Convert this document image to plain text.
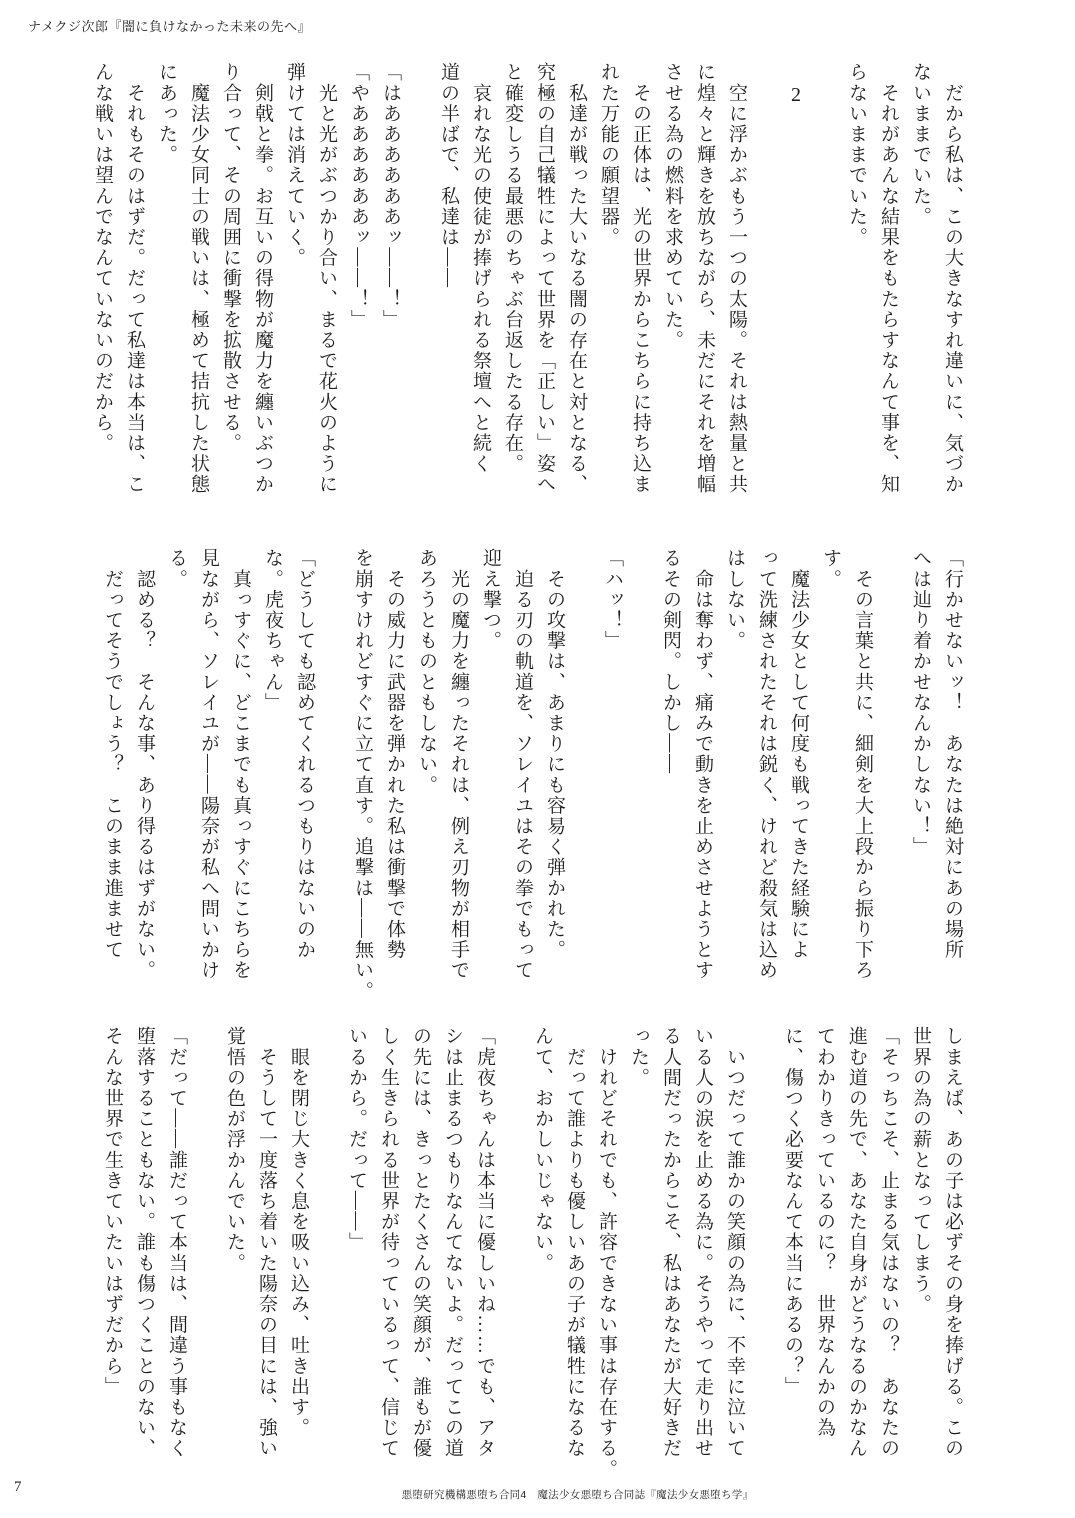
ナメクジ次郎『闇に負けなかった未来の先へ』

　だから私は、この大きなすれ違いに、気づか

ないままでいた。

　それがあんな結果をもたらすなんて事を、知

らないままでいた。

2

　空に浮かぶもう一つの太陽。それは熱量と共

に煌々と輝きを放ちながら、未だにそれを増幅

させる為の燃料を求めていた。

　その正体は、光の世界からこちらに持ち込ま

れた万能の願望器。

　私達が戦った大いなる闇の存在と対となる、

究極の自己犠牲によって世界を「正しい」姿へ

と確変しうる最悪のちゃぶ台返したる存在。

　哀れな光の使徒が捧げられる祭壇へと続く

道の半ばで、私達は――

「はああああああッ――！」

「やああああああッ――！」

　光と光がぶつかり合い、まるで花火のように

弾けては消えていく。

　剣戟と拳。お互いの得物が魔力を纏いぶつか

り合って、その周囲に衝撃を拡散させる。

　魔法少女同士の戦いは、極めて拮抗した状態

にあった。

　それもそのはずだ。だって私達は本当は、こ

んな戦いは望んでなんていないのだから。

「行かせないッ！　あなたは絶対にあの場所

へは辿り着かせなんかしない！」

　その言葉と共に、細剣を大上段から振り下ろ

す。

　魔法少女として何度も戦ってきた経験によ

って洗練されたそれは鋭く、けれど殺気は込め

はしない。

　命は奪わず、痛みで動きを止めさせようとす

るその剣閃。しかし――

「ハッ！」

　その攻撃は、あまりにも容易く弾かれた。

　迫る刃の軌道を、ソレイユはその拳でもって

迎え撃つ。

　光の魔力を纏ったそれは、例え刃物が相手で

あろうとものともしない。

　その威力に武器を弾かれた私は衝撃で体勢

を崩すけれどすぐに立て直す。追撃は――無い。

「どうしても認めてくれるつもりはないのか

な。虎夜ちゃん」

　真っすぐに、どこまでも真っすぐにこちらを

見ながら、ソレイユが――陽奈が私へ問いかけ

る。

　認める？　そんな事、あり得るはずがない。

　だってそうでしょう？　このまま進ませて

しまえば、あの子は必ずその身を捧げる。この

世界の為の薪となってしまう。

「そっちこそ、止まる気はないの？　あなたの

進む道の先で、あなた自身がどうなるのかなん

てわかりきっているのに？　世界なんかの為

に、傷つく必要なんて本当にあるの？」

　いつだって誰かの笑顔の為に、不幸に泣いて

いる人の涙を止める為に。そうやって走り出せ

る人間だったからこそ、私はあなたが大好きだ

った。

　けれどそれでも、許容できない事は存在する。

　だって誰よりも優しいあの子が犠牲になるな

んて、おかしいじゃない。

「虎夜ちゃんは本当に優しいね……でも、アタ

シは止まるつもりなんてないよ。だってこの道

の先には、きっとたくさんの笑顔が、誰もが優

しく生きられる世界が待っているって、信じて

いるから。だって――」

　眼を閉じ大きく息を吸い込み、吐き出す。

　そうして一度落ち着いた陽奈の目には、強い

覚悟の色が浮かんでいた。

「だって――誰だって本当は、間違う事もなく

堕落することもない。誰も傷つくことのない、

そんな世界で生きていたいはずだから」

7	悪堕研究機構悪堕ち合同4　魔法少女悪堕ち合同誌『魔法少女悪堕ち学』
